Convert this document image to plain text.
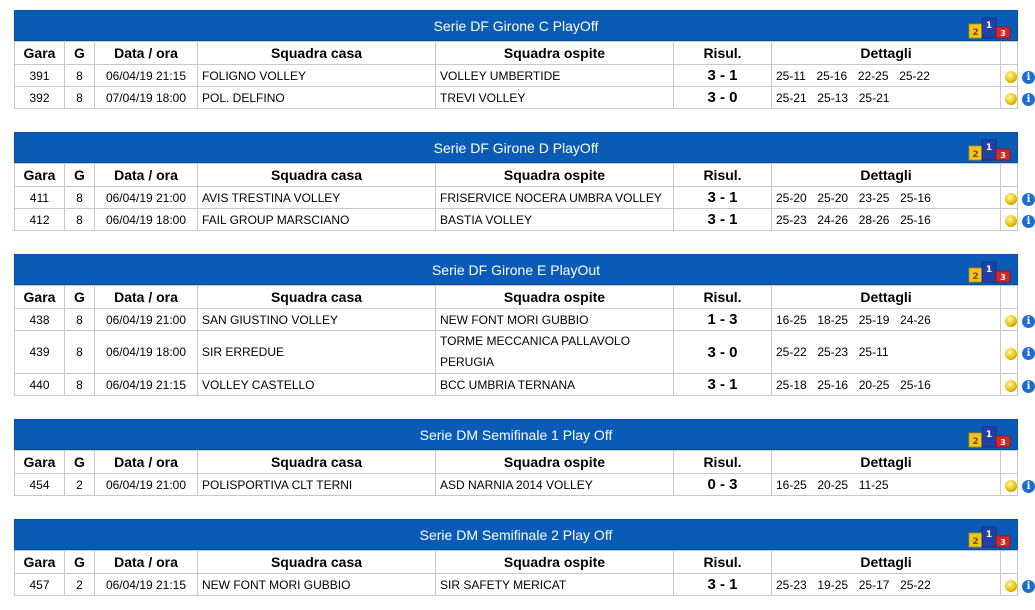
Serie DF Girone C PlayOff	2
1
3
Gara	G	Data / ora	Squadra casa	Squadra ospite	Risul.	Dettagli	
391	8	06/04/19 21:15	FOLIGNO VOLLEY	VOLLEY UMBERTIDE	3 - 1	25-11  25-16  22-25  25-22	i
392	8	07/04/19 18:00	POL. DELFINO	TREVI VOLLEY	3 - 0	25-21  25-13  25-21	i
Serie DF Girone D PlayOff	2
1
3
Gara	G	Data / ora	Squadra casa	Squadra ospite	Risul.	Dettagli	
411	8	06/04/19 21:00	AVIS TRESTINA VOLLEY	FRISERVICE NOCERA UMBRA VOLLEY	3 - 1	25-20  25-20  23-25  25-16	i
412	8	06/04/19 18:00	FAIL GROUP MARSCIANO	BASTIA VOLLEY	3 - 1	25-23  24-26  28-26  25-16	i
Serie DF Girone E PlayOut	2
1
3
Gara	G	Data / ora	Squadra casa	Squadra ospite	Risul.	Dettagli	
438	8	06/04/19 21:00	SAN GIUSTINO VOLLEY	NEW FONT MORI GUBBIO	1 - 3	16-25  18-25  25-19  24-26	i
439	8	06/04/19 18:00	SIR ERREDUE	TORME MECCANICA PALLAVOLO PERUGIA	3 - 0	25-22  25-23  25-11	i
440	8	06/04/19 21:15	VOLLEY CASTELLO	BCC UMBRIA TERNANA	3 - 1	25-18  25-16  20-25  25-16	i
Serie DM Semifinale 1 Play Off	2
1
3
Gara	G	Data / ora	Squadra casa	Squadra ospite	Risul.	Dettagli	
454	2	06/04/19 21:00	POLISPORTIVA CLT TERNI	ASD NARNIA 2014 VOLLEY	0 - 3	16-25  20-25  11-25	i
Serie DM Semifinale 2 Play Off	2
1
3
Gara	G	Data / ora	Squadra casa	Squadra ospite	Risul.	Dettagli	
457	2	06/04/19 21:15	NEW FONT MORI GUBBIO	SIR SAFETY MERICAT	3 - 1	25-23  19-25  25-17  25-22	i
